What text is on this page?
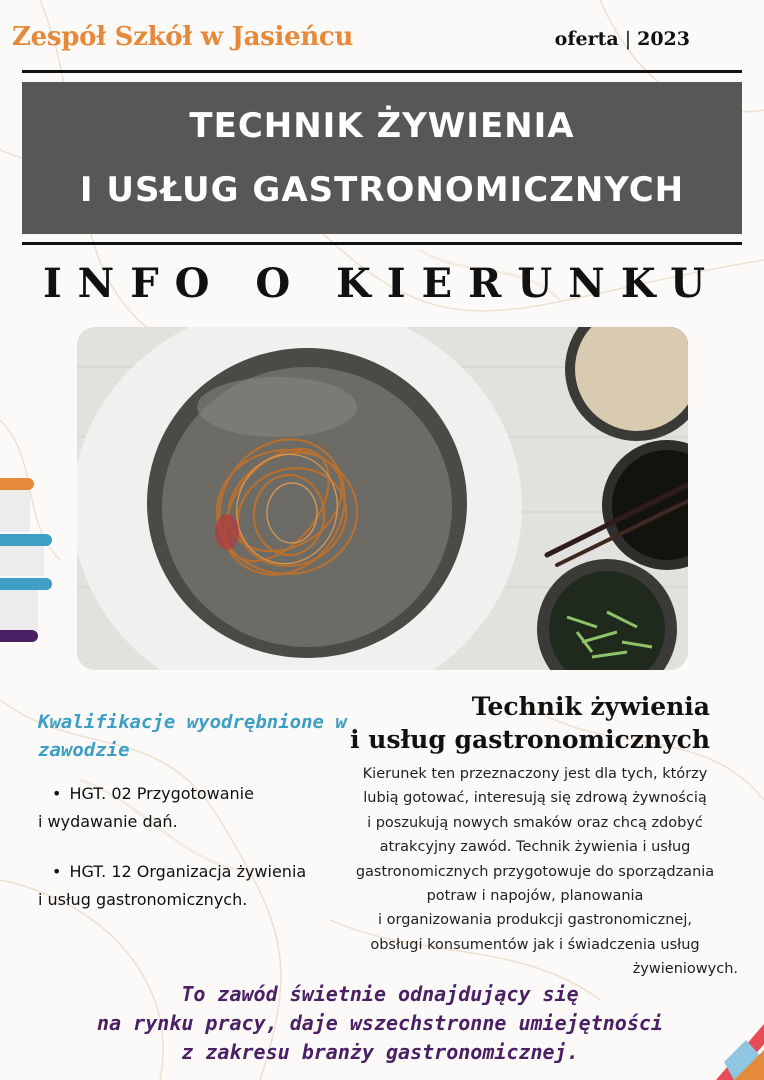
Zespół Szkół w Jasieńcu	oferta | 2023
TECHNIK ŻYWIENIA
I USŁUG GASTRONOMICZNYCH
INFO O KIERUNKU
Kwalifikacje wyodrębnione w zawodzie
• HGT. 02 Przygotowanie
i wydawanie dań.
• HGT. 12 Organizacja żywienia
i usług gastronomicznych.
Technik żywienia
i usług gastronomicznych
Kierunek ten przeznaczony jest dla tych, którzy
lubią gotować, interesują się zdrową żywnością
i poszukują nowych smaków oraz chcą zdobyć
atrakcyjny zawód. Technik żywienia i usług
gastronomicznych przygotowuje do sporządzania
potraw i napojów, planowania
i organizowania produkcji gastronomicznej,
obsługi konsumentów jak i świadczenia usług
żywieniowych.
To zawód świetnie odnajdujący się
na rynku pracy, daje wszechstronne umiejętności
z zakresu branży gastronomicznej.
